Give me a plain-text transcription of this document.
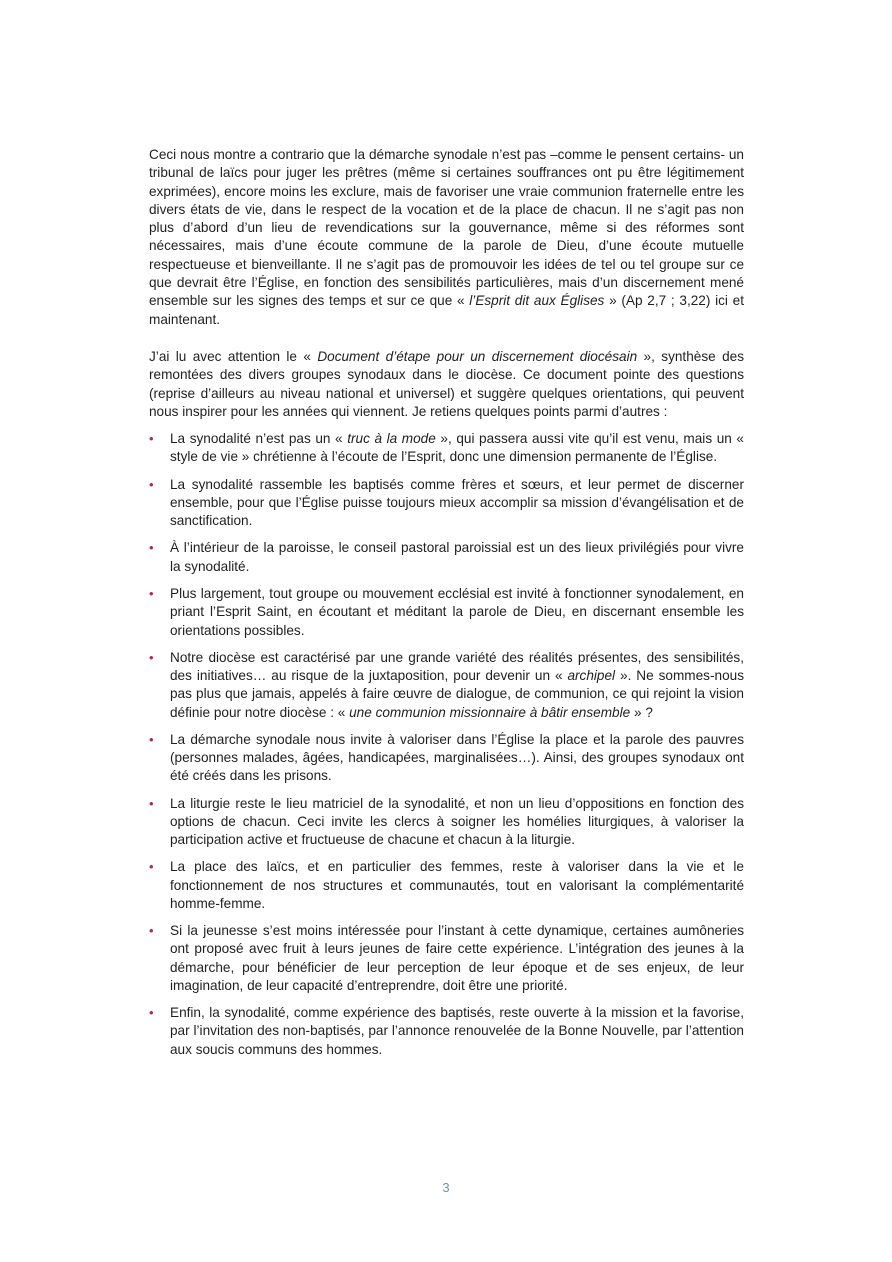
Ceci nous montre a contrario que la démarche synodale n’est pas –comme le pensent certains- un tribunal de laïcs pour juger les prêtres (même si certaines souffrances ont pu être légitimement exprimées), encore moins les exclure, mais de favoriser une vraie communion fraternelle entre les divers états de vie, dans le respect de la vocation et de la place de chacun. Il ne s’agit pas non plus d’abord d’un lieu de revendications sur la gouvernance, même si des réformes sont nécessaires, mais d’une écoute commune de la parole de Dieu, d’une écoute mutuelle respectueuse et bienveillante. Il ne s’agit pas de promouvoir les idées de tel ou tel groupe sur ce que devrait être l’Église, en fonction des sensibilités particulières, mais d’un discernement mené ensemble sur les signes des temps et sur ce que « l’Esprit dit aux Églises » (Ap 2,7 ; 3,22) ici et maintenant.

J’ai lu avec attention le « Document d’étape pour un discernement diocésain », synthèse des remontées des divers groupes synodaux dans le diocèse. Ce document pointe des questions (reprise d’ailleurs au niveau national et universel) et suggère quelques orientations, qui peuvent nous inspirer pour les années qui viennent. Je retiens quelques points parmi d’autres :

• La synodalité n’est pas un « truc à la mode », qui passera aussi vite qu’il est venu, mais un « style de vie » chrétienne à l’écoute de l’Esprit, donc une dimension permanente de l’Église.
• La synodalité rassemble les baptisés comme frères et sœurs, et leur permet de discerner ensemble, pour que l’Église puisse toujours mieux accomplir sa mission d’évangélisation et de sanctification.
• À l’intérieur de la paroisse, le conseil pastoral paroissial est un des lieux privilégiés pour vivre la synodalité.
• Plus largement, tout groupe ou mouvement ecclésial est invité à fonctionner synodalement, en priant l’Esprit Saint, en écoutant et méditant la parole de Dieu, en discernant ensemble les orientations possibles.
• Notre diocèse est caractérisé par une grande variété des réalités présentes, des sensibilités, des initiatives… au risque de la juxtaposition, pour devenir un « archipel ». Ne sommes-nous pas plus que jamais, appelés à faire œuvre de dialogue, de communion, ce qui rejoint la vision définie pour notre diocèse : « une communion missionnaire à bâtir ensemble » ?
• La démarche synodale nous invite à valoriser dans l’Église la place et la parole des pauvres (personnes malades, âgées, handicapées, marginalisées…). Ainsi, des groupes synodaux ont été créés dans les prisons.
• La liturgie reste le lieu matriciel de la synodalité, et non un lieu d’oppositions en fonction des options de chacun. Ceci invite les clercs à soigner les homélies liturgiques, à valoriser la participation active et fructueuse de chacune et chacun à la liturgie.
• La place des laïcs, et en particulier des femmes, reste à valoriser dans la vie et le fonctionnement de nos structures et communautés, tout en valorisant la complémentarité homme-femme.
• Si la jeunesse s’est moins intéressée pour l’instant à cette dynamique, certaines aumôneries ont proposé avec fruit à leurs jeunes de faire cette expérience. L’intégration des jeunes à la démarche, pour bénéficier de leur perception de leur époque et de ses enjeux, de leur imagination, de leur capacité d’entreprendre, doit être une priorité.
• Enfin, la synodalité, comme expérience des baptisés, reste ouverte à la mission et la favorise, par l’invitation des non-baptisés, par l’annonce renouvelée de la Bonne Nouvelle, par l’attention aux soucis communs des hommes.
3
